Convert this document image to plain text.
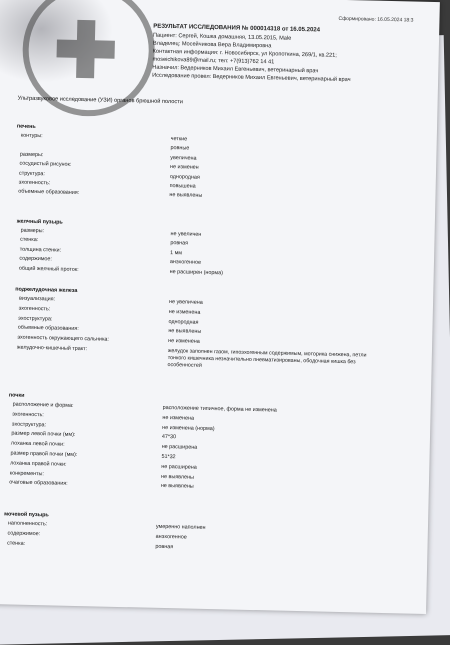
Сформировано: 16.05.2024 18:3
РЕЗУЛЬТАТ ИССЛЕДОВАНИЯ № 000014318 от 16.05.2024
Пациент: Сергей, Кошка домашняя, 13.05.2015, Male
Владелец: Мосейчикова Вера Владимировна
Контактная информация: г. Новосибирск, ул Кропоткина, 269/1, кв.221;
moseichikova89@mail.ru; тел: +7(913)762 14 41
Назначил: Ведерников Михаил Евгеньевич, ветеринарный врач
Исследование провел: Ведерников Михаил Евгеньевич, ветеринарный врач
Ультразвуковое исследование (УЗИ) органов брюшной полости
печень
контуры:
четкие
ровные
размеры:
увеличена
сосудистый рисунок:	не изменен
структура:
однородная
эхогенность:
повышена
объемные образования:	не выявлены
желчный пузырь
размеры:
не увеличен
стенка:
ровная
толщина стенки:	1 мм
содержимое:
анэхогенное
общий желчный проток:	не расширен (норма)
поджелудочная железа
визуализация:	не увеличена
эхогенность:
не изменена
эхоструктура:	однородная
объемные образования:	не выявлены
эхогенность окружающего сальника:	не изменена
желудочно-кишечный тракт:	желудок заполнен газом, гипоэхогенным содержимым, моторика снижена, петли тонкого кишечника незначительно пневматизированы, ободочная кишка без особенностей
почки
расположение и форма:	расположение типичное, форма не изменена
эхогенность:
не изменена
эхоструктура:
не изменена (норма)
размер левой почки (мм):	47*30
лоханка левой почки:	не расширена
размер правой почки (мм):	51*32
лоханка правой почки:	не расширена
конкременты:
не выявлены
очаговые образования:	не выявлены
мочевой пузырь
наполненность:	умеренно наполнен
содержимое:	анэхогенное
стенка:
ровная
